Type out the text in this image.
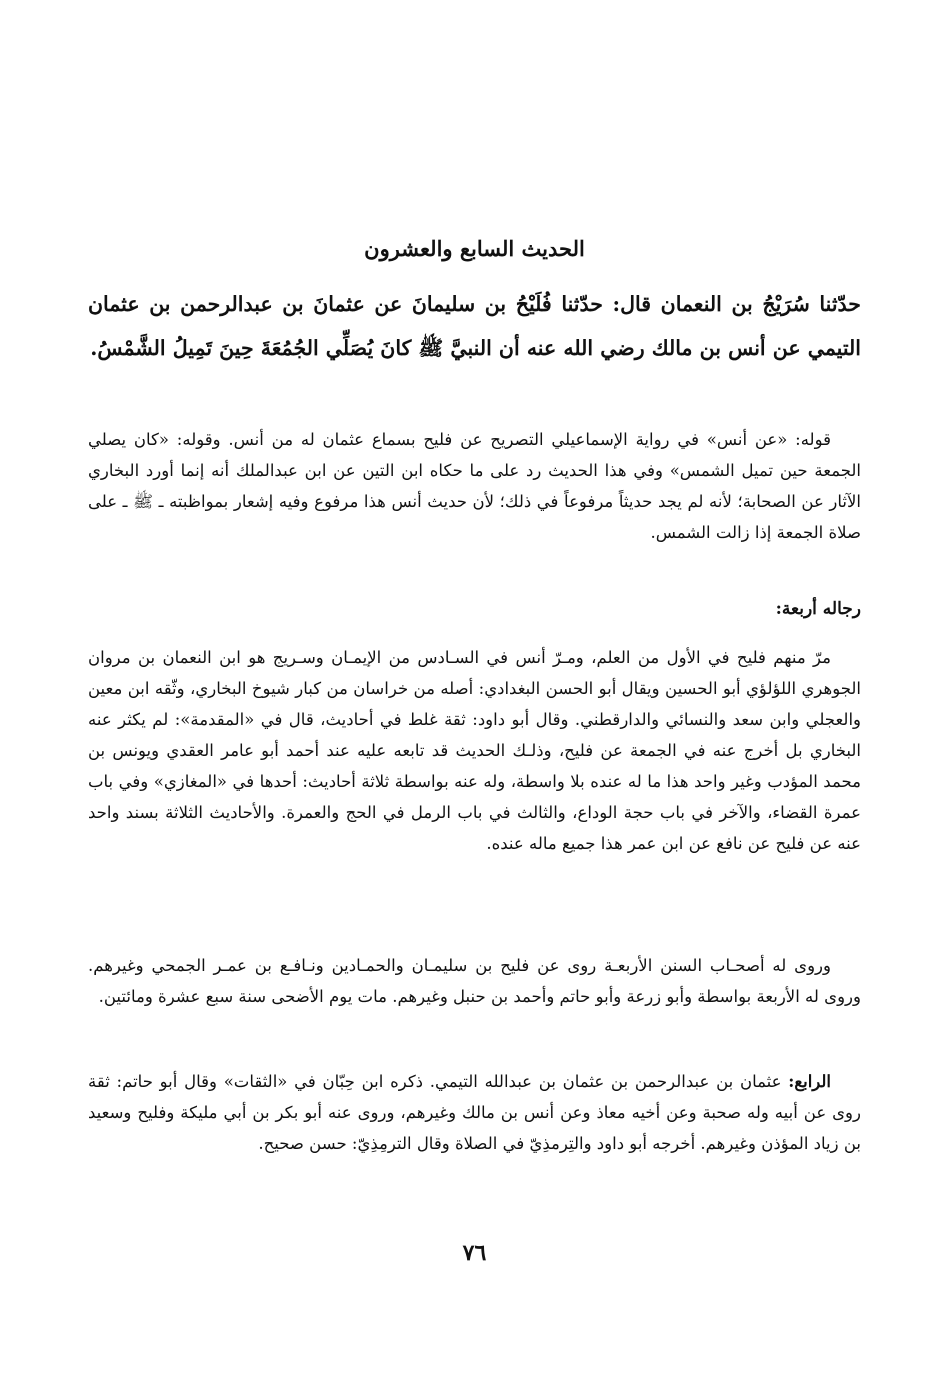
الحديث السابع والعشرون

حدّثنا سُرَيْجُ بن النعمان قال: حدّثنا فُلَيْحُ بن سليمانَ عن عثمانَ بن عبدالرحمن بن عثمان التيمي عن أنس بن مالك رضي الله عنه أن النبيَّ ﷺ كانَ يُصَلِّي الجُمُعَةَ حِينَ تَمِيلُ الشَّمْسُ.

قوله: «عن أنس» في رواية الإسماعيلي التصريح عن فليح بسماع عثمان له من أنس. وقوله: «كان يصلي الجمعة حين تميل الشمس» وفي هذا الحديث رد على ما حكاه ابن التين عن ابن عبدالملك أنه إنما أورد البخاري الآثار عن الصحابة؛ لأنه لم يجد حديثاً مرفوعاً في ذلك؛ لأن حديث أنس هذا مرفوع وفيه إشعار بمواظبته ـ ﷺ ـ على صلاة الجمعة إذا زالت الشمس.

رجاله أربعة:

مرّ منهم فليح في الأول من العلم، ومـرّ أنس في السـادس من الإيمـان وسـريج هو ابن النعمان بن مروان الجوهري اللؤلؤي أبو الحسين ويقال أبو الحسن البغدادي: أصله من خراسان من كبار شيوخ البخاري، وثّقه ابن معين والعجلي وابن سعد والنسائي والدارقطني. وقال أبو داود: ثقة غلط في أحاديث، قال في «المقدمة»: لم يكثر عنه البخاري بل أخرج عنه في الجمعة عن فليح، وذلـك الحديث قد تابعه عليه عند أحمد أبو عامر العقدي ويونس بن محمد المؤدب وغير واحد هذا ما له عنده بلا واسطة، وله عنه بواسطة ثلاثة أحاديث: أحدها في «المغازي» وفي باب عمرة القضاء، والآخر في باب حجة الوداع، والثالث في باب الرمل في الحج والعمرة. والأحاديث الثلاثة بسند واحد عنه عن فليح عن نافع عن ابن عمر هذا جميع ماله عنده.

وروى له أصحـاب السنن الأربعـة روى عن فليح بن سليمـان والحمـادين ونـافـع بن عمـر الجمحي وغيرهم. وروى له الأربعة بواسطة وأبو زرعة وأبو حاتم وأحمد بن حنبل وغيرهم. مات يوم الأضحى سنة سبع عشرة ومائتين.

الرابع: عثمان بن عبدالرحمن بن عثمان بن عبدالله التيمي. ذكره ابن حِبّان في «الثقات» وقال أبو حاتم: ثقة روى عن أبيه وله صحبة وعن أخيه معاذ وعن أنس بن مالك وغيرهم، وروى عنه أبو بكر بن أبي مليكة وفليح وسعيد بن زياد المؤذن وغيرهم. أخرجه أبو داود والتِرمذِيّ في الصلاة وقال الترمِذِيّ: حسن صحيح.

٧٦
